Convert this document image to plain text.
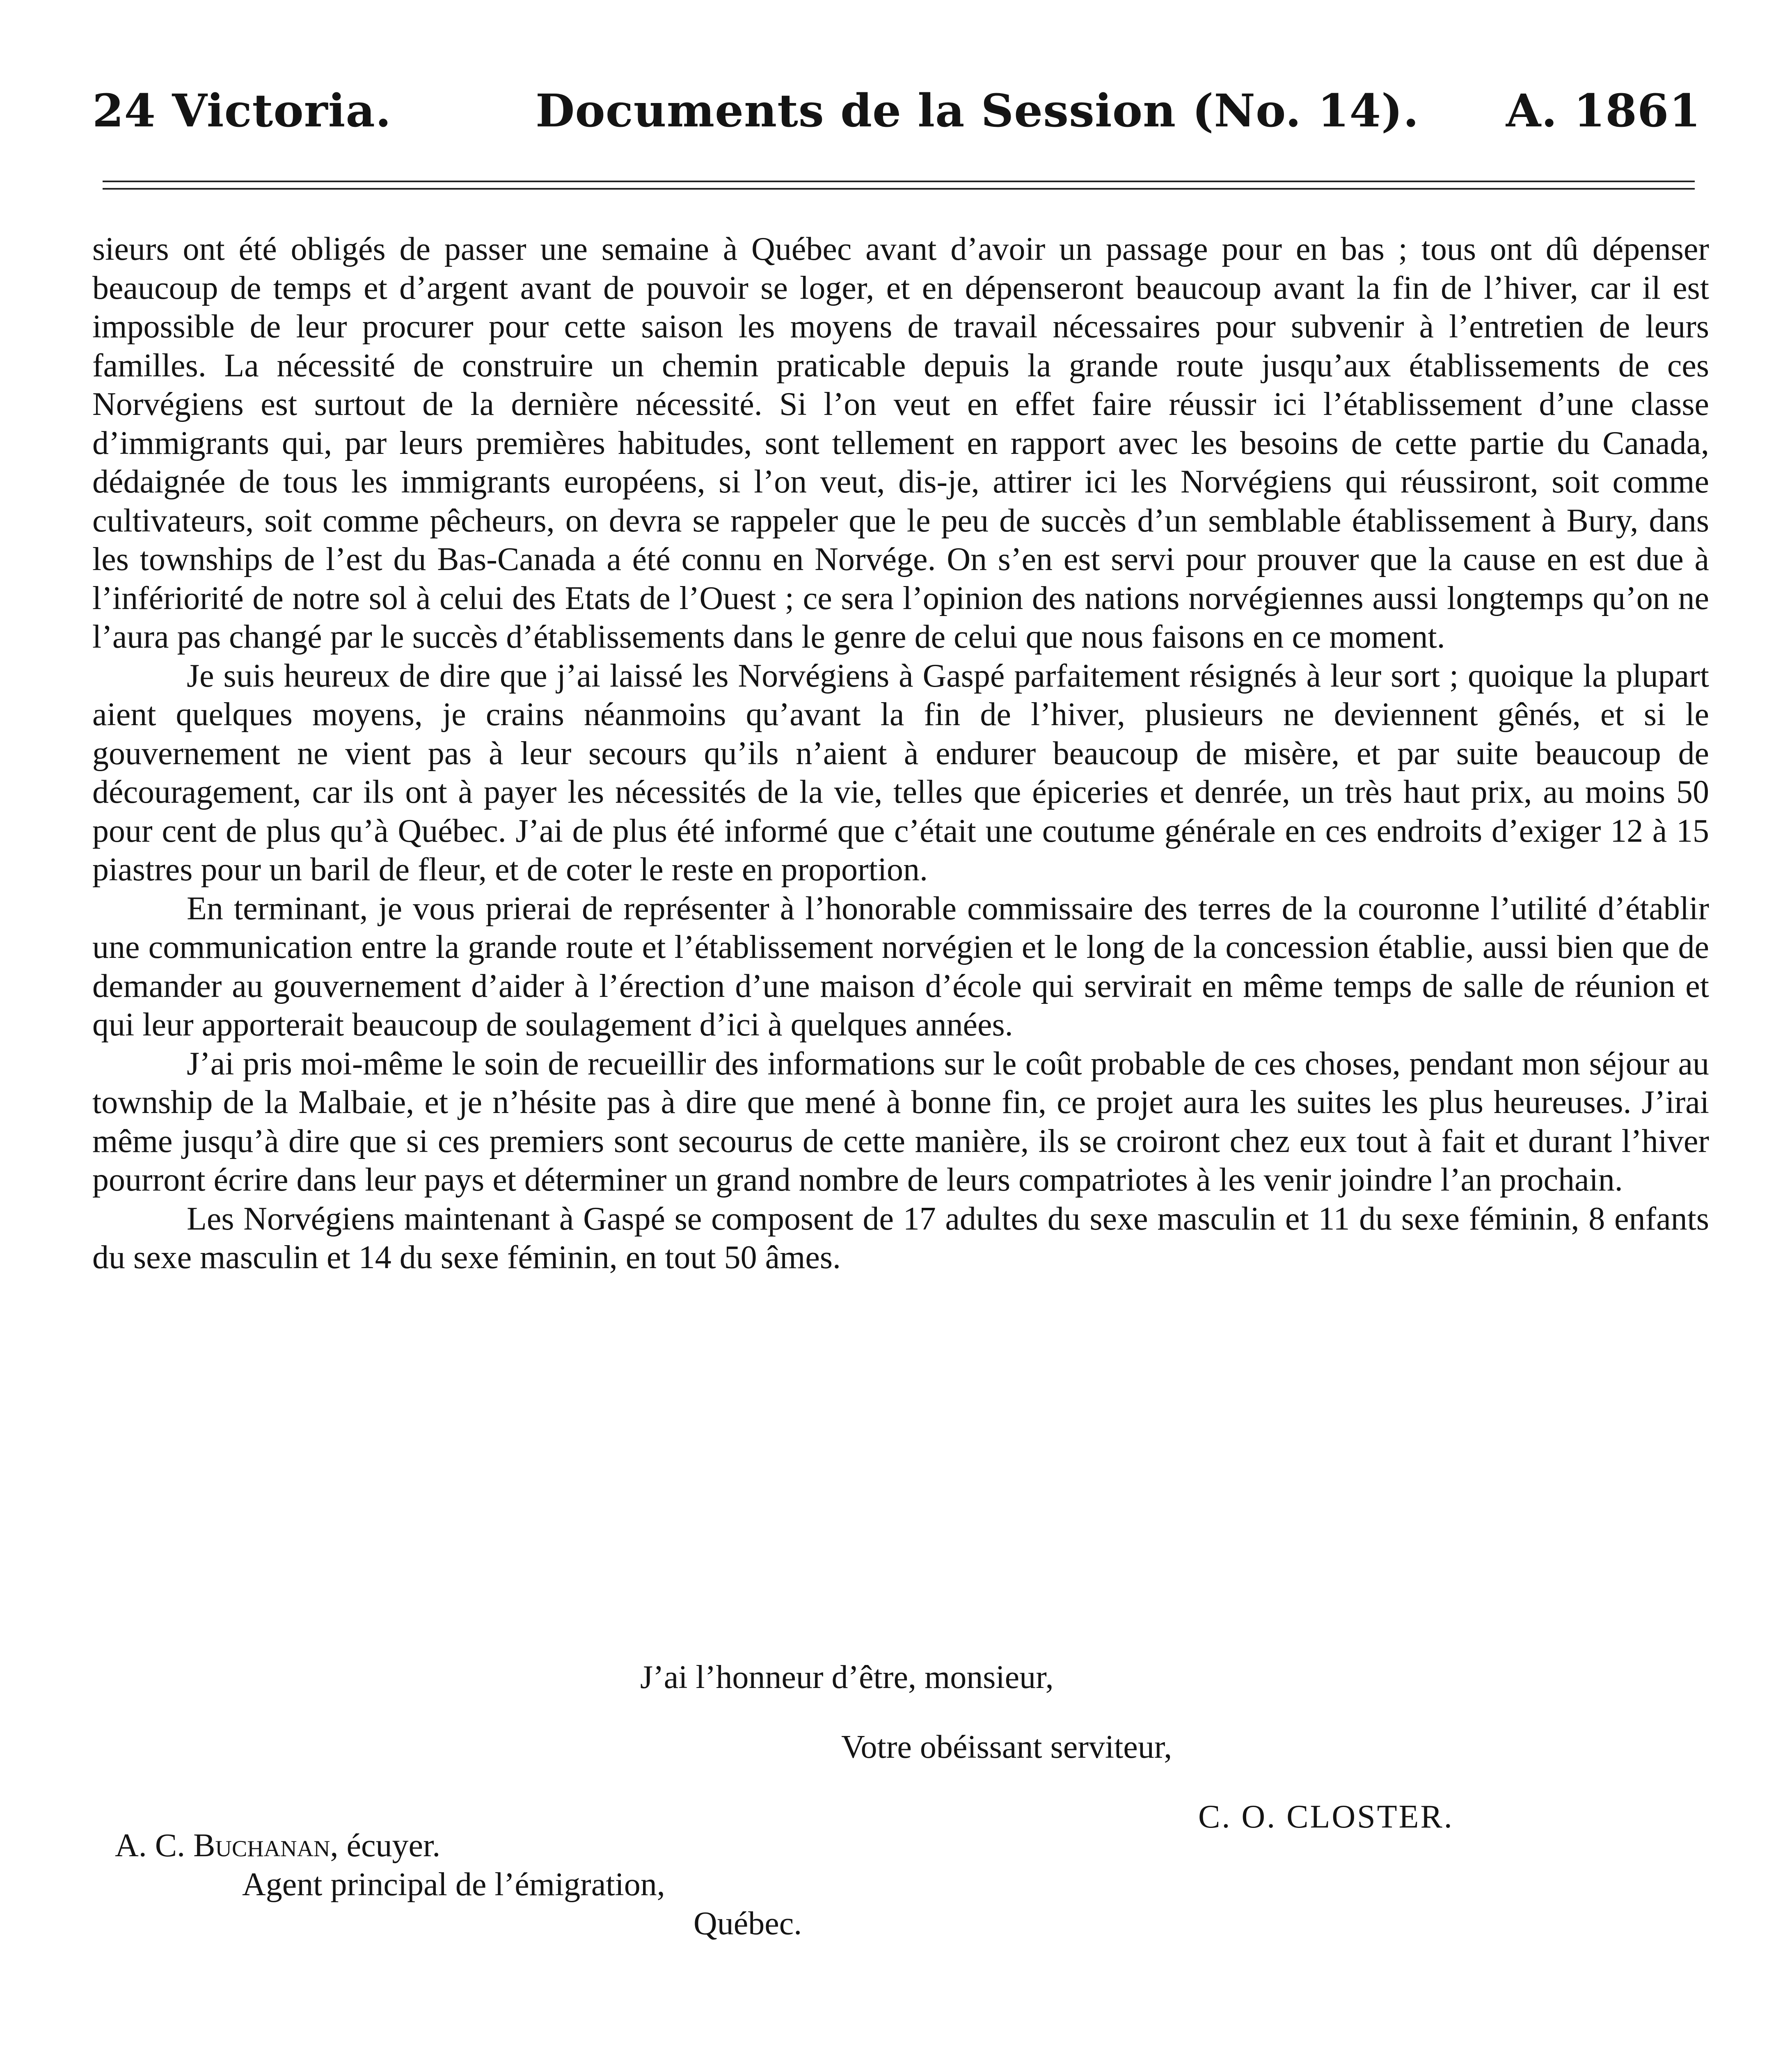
24 Victoria.	Documents de la Session (No. 14). A. 1861

sieurs ont été obligés de passer une semaine à Québec avant d’avoir un passage pour en bas ; tous ont dû dépenser beaucoup de temps et d’argent avant de pouvoir se loger, et en dépenseront beaucoup avant la fin de l’hiver, car il est impossible de leur procurer pour cette saison les moyens de travail nécessaires pour subvenir à l’entretien de leurs familles. La nécessité de construire un chemin praticable depuis la grande route jusqu’aux établissements de ces Norvégiens est surtout de la dernière nécessité. Si l’on veut en effet faire réussir ici l’établissement d’une classe d’immigrants qui, par leurs premières habitudes, sont tellement en rapport avec les besoins de cette partie du Canada, dédaignée de tous les immigrants européens, si l’on veut, dis-je, attirer ici les Norvégiens qui réussiront, soit comme cultivateurs, soit comme pêcheurs, on devra se rappeler que le peu de succès d’un semblable établissement à Bury, dans les townships de l’est du Bas-Canada a été connu en Norvége. On s’en est servi pour prouver que la cause en est due à l’infériorité de notre sol à celui des Etats de l’Ouest ; ce sera l’opinion des nations norvégiennes aussi longtemps qu’on ne l’aura pas changé par le succès d’établissements dans le genre de celui que nous faisons en ce moment.

Je suis heureux de dire que j’ai laissé les Norvégiens à Gaspé parfaitement résignés à leur sort ; quoique la plupart aient quelques moyens, je crains néanmoins qu’avant la fin de l’hiver, plusieurs ne deviennent gênés, et si le gouvernement ne vient pas à leur secours qu’ils n’aient à endurer beaucoup de misère, et par suite beaucoup de découragement, car ils ont à payer les nécessités de la vie, telles que épiceries et denrée, un très haut prix, au moins 50 pour cent de plus qu’à Québec. J’ai de plus été informé que c’était une coutume générale en ces endroits d’exiger 12 à 15 piastres pour un baril de fleur, et de coter le reste en proportion.

En terminant, je vous prierai de représenter à l’honorable commissaire des terres de la couronne l’utilité d’établir une communication entre la grande route et l’établissement norvégien et le long de la concession établie, aussi bien que de demander au gouvernement d’aider à l’érection d’une maison d’école qui servirait en même temps de salle de réunion et qui leur apporterait beaucoup de soulagement d’ici à quelques années.

J’ai pris moi-même le soin de recueillir des informations sur le coût probable de ces choses, pendant mon séjour au township de la Malbaie, et je n’hésite pas à dire que mené à bonne fin, ce projet aura les suites les plus heureuses. J’irai même jusqu’à dire que si ces premiers sont secourus de cette manière, ils se croiront chez eux tout à fait et durant l’hiver pourront écrire dans leur pays et déterminer un grand nombre de leurs compatriotes à les venir joindre l’an prochain.

Les Norvégiens maintenant à Gaspé se composent de 17 adultes du sexe masculin et 11 du sexe féminin, 8 enfants du sexe masculin et 14 du sexe féminin, en tout 50 âmes.

J’ai l’honneur d’être, monsieur,
Votre obéissant serviteur,
C. O. CLOSTER.
A. C. Buchanan, écuyer.
Agent principal de l’émigration,
Québec.
